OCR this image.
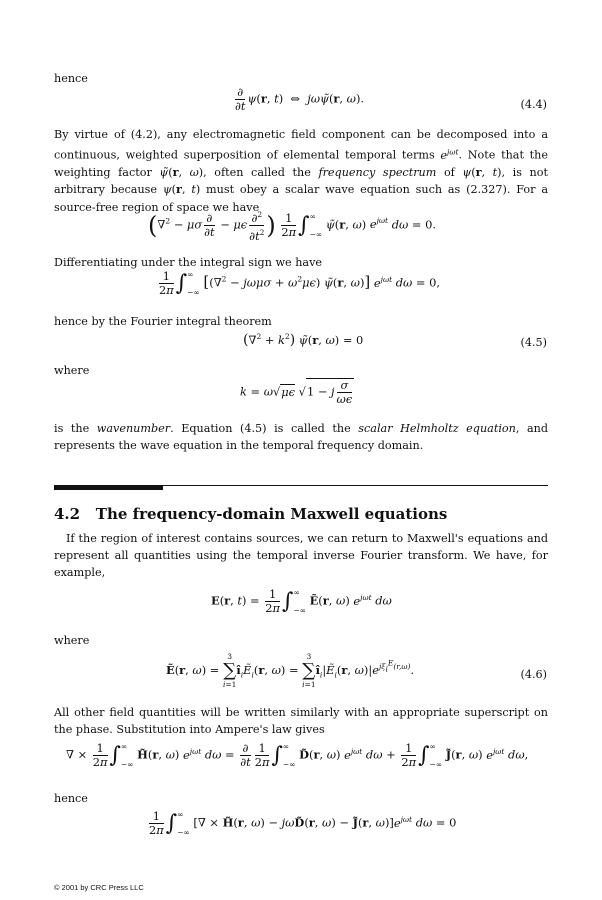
hence
$\frac{\partial}{\partial t} \psi(r$, t)  ⇔  jωψ̃(r, ω).	(4.4)
By virtue of (4.2), any electromagnetic field component can be decomposed into a continuous, weighted superposition of elemental temporal terms $e^{j\omega t}$. Note that the weighting factor ψ̃(r, ω), often called the frequency spectrum of ψ(r, t), is not arbitrary because ψ(r, t) must obey a scalar wave equation such as (2.327). For a source-free region of space we have
(∇$^2$ − μσ $\frac{\partial}{\partial t} - \mu\epsilon \frac{\partial^2}{\partial t^2}$ ) $\frac{1}{2\pi}$ ∫∞

−∞ ψ̃(r, ω) $e^{j\omega t}$ dω = 0.
Differentiating under the integral sign we have
$\frac{1}{2\pi}$ ∫∞

−∞ [$(\nabla^2 - j\omega\mu\sigma + \omega^2\mu\epsilon)$ ψ̃(r, ω)] $e^{j\omega t}$ dω = 0,
hence by the Fourier integral theorem
$(\nabla^2 + k^2)$ ψ̃(r, ω) = 0	(4.5)
where
k = ω√μϵ √1 − j $\frac{\sigma}{\omega\epsilon}$
is the wavenumber. Equation (4.5) is called the scalar Helmholtz equation, and represents the wave equation in the temporal frequency domain.
4.2 The frequency-domain Maxwell equations
If the region of interest contains sources, we can return to Maxwell's equations and represent all quantities using the temporal inverse Fourier transform. We have, for example,
E(r, $t) = \frac{1}{2\pi}$ ∫∞

−∞ Ẽ(r, ω) $e^{j\omega t}$ dω
where
Ẽ(r, ω) =
3
∑
i=1
$î_iẼ_i(r$, ω) =
3
∑
i=1
$î_i|Ẽ_i(r$, $\omega)|e^{j\xi_i^E(r,\omega)}$.	(4.6)
All other field quantities will be written similarly with an appropriate superscript on the phase. Substitution into Ampere's law gives
∇ × $\frac{1}{2\pi}$ ∫∞

−∞ H̃(r, ω) $e^{j\omega t}$ $d\omega = \frac{\partial}{\partial t} \frac{1}{2\pi}$ ∫∞

−∞ D̃(r, ω) $e^{j\omega t}$ $d\omega + \frac{1}{2\pi}$ ∫∞

−∞ J̃(r, ω) $e^{j\omega t}$ dω,
hence
$\frac{1}{2\pi}$ ∫∞

−∞ [∇ × H̃(r, ω) − jωD̃(r, ω) − J̃(r, $\omega)]e^{j\omega t}$ dω = 0
© 2001 by CRC Press LLC
